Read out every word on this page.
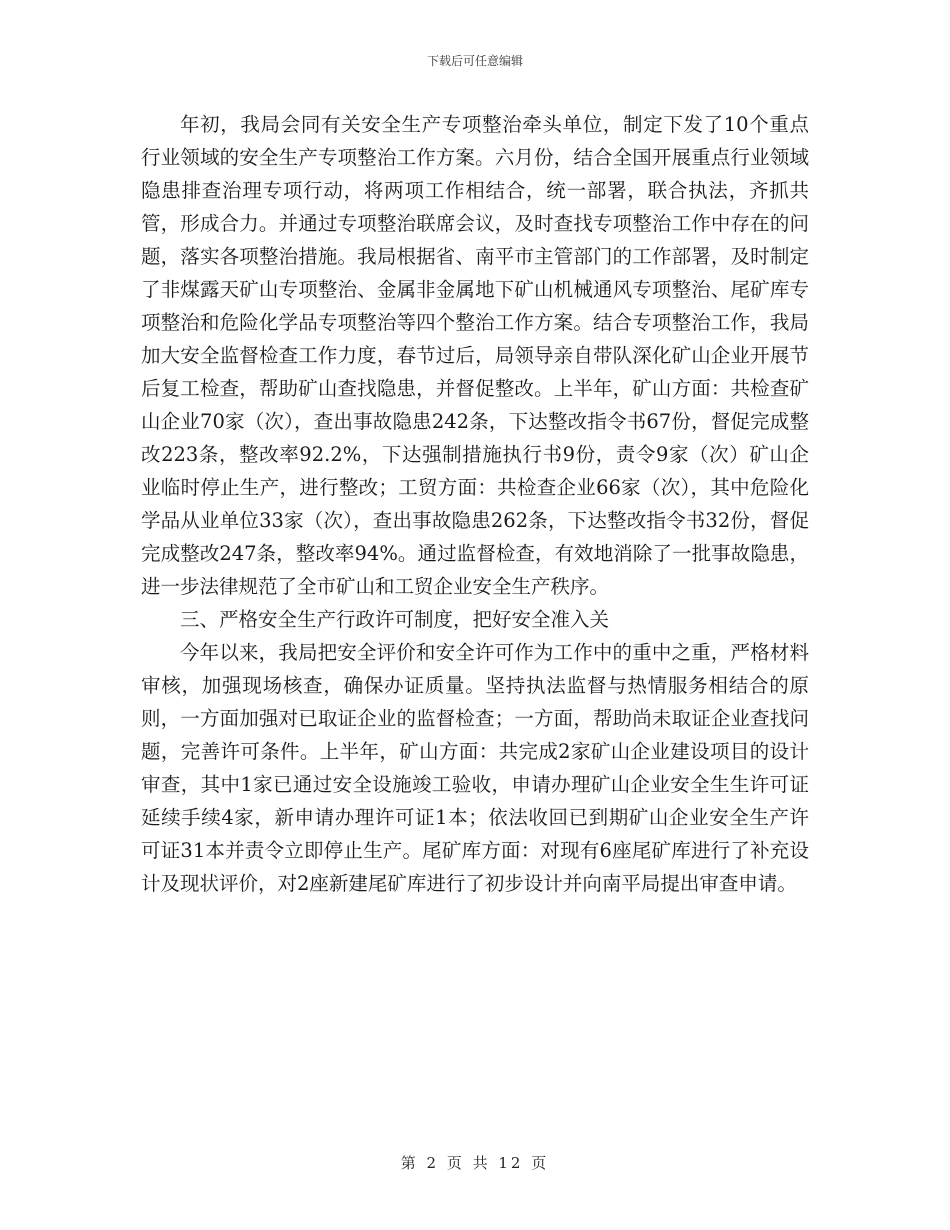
下载后可任意编辑

年初，我局会同有关安全生产专项整治牵头单位，制定下发了10个重点行业领域的安全生产专项整治工作方案。六月份，结合全国开展重点行业领域隐患排查治理专项行动，将两项工作相结合，统一部署，联合执法，齐抓共管，形成合力。并通过专项整治联席会议，及时查找专项整治工作中存在的问题，落实各项整治措施。我局根据省、南平市主管部门的工作部署，及时制定了非煤露天矿山专项整治、金属非金属地下矿山机械通风专项整治、尾矿库专项整治和危险化学品专项整治等四个整治工作方案。结合专项整治工作，我局加大安全监督检查工作力度，春节过后，局领导亲自带队深化矿山企业开展节后复工检查，帮助矿山查找隐患，并督促整改。上半年，矿山方面：共检查矿山企业70家（次），查出事故隐患242条，下达整改指令书67份，督促完成整改223条，整改率92.2%，下达强制措施执行书9份，责令9家（次）矿山企业临时停止生产，进行整改；工贸方面：共检查企业66家（次），其中危险化学品从业单位33家（次），查出事故隐患262条，下达整改指令书32份，督促完成整改247条，整改率94%。通过监督检查，有效地消除了一批事故隐患，进一步法律规范了全市矿山和工贸企业安全生产秩序。

三、严格安全生产行政许可制度，把好安全准入关

今年以来，我局把安全评价和安全许可作为工作中的重中之重，严格材料审核，加强现场核查，确保办证质量。坚持执法监督与热情服务相结合的原则，一方面加强对已取证企业的监督检查；一方面，帮助尚未取证企业查找问题，完善许可条件。上半年，矿山方面：共完成2家矿山企业建设项目的设计审查，其中1家已通过安全设施竣工验收，申请办理矿山企业安全生生许可证延续手续4家，新申请办理许可证1本；依法收回已到期矿山企业安全生产许可证31本并责令立即停止生产。尾矿库方面：对现有6座尾矿库进行了补充设计及现状评价，对2座新建尾矿库进行了初步设计并向南平局提出审查申请。

第 2 页 共 12 页
